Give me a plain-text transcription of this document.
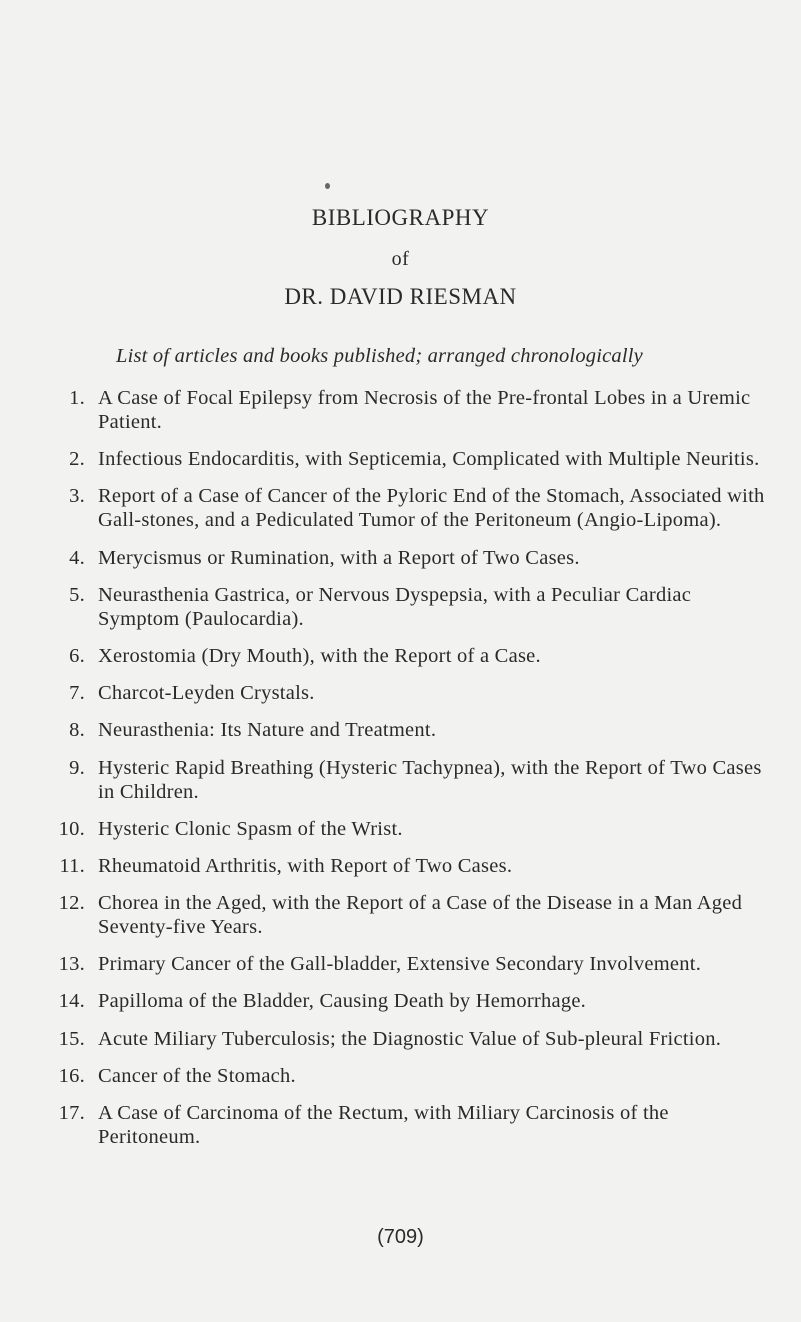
BIBLIOGRAPHY
of
DR. DAVID RIESMAN
List of articles and books published; arranged chronologically
1. A Case of Focal Epilepsy from Necrosis of the Pre-frontal Lobes in a Uremic Patient.
2. Infectious Endocarditis, with Septicemia, Complicated with Multiple Neuritis.
3. Report of a Case of Cancer of the Pyloric End of the Stomach, Associated with Gall-stones, and a Pediculated Tumor of the Peritoneum (Angio-Lipoma).
4. Merycismus or Rumination, with a Report of Two Cases.
5. Neurasthenia Gastrica, or Nervous Dyspepsia, with a Peculiar Cardiac Symptom (Paulocardia).
6. Xerostomia (Dry Mouth), with the Report of a Case.
7. Charcot-Leyden Crystals.
8. Neurasthenia: Its Nature and Treatment.
9. Hysteric Rapid Breathing (Hysteric Tachypnea), with the Report of Two Cases in Children.
10. Hysteric Clonic Spasm of the Wrist.
11. Rheumatoid Arthritis, with Report of Two Cases.
12. Chorea in the Aged, with the Report of a Case of the Disease in a Man Aged Seventy-five Years.
13. Primary Cancer of the Gall-bladder, Extensive Secondary Involvement.
14. Papilloma of the Bladder, Causing Death by Hemorrhage.
15. Acute Miliary Tuberculosis; the Diagnostic Value of Sub-pleural Friction.
16. Cancer of the Stomach.
17. A Case of Carcinoma of the Rectum, with Miliary Carcinosis of the Peritoneum.
(709)
